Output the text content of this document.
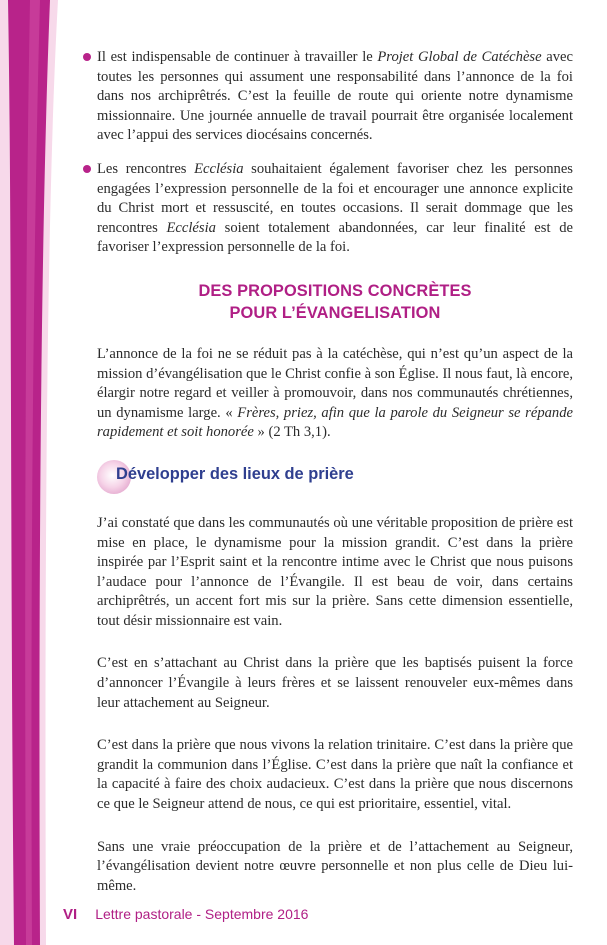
Il est indispensable de continuer à travailler le Projet Global de Catéchèse avec toutes les personnes qui assument une responsabilité dans l’annonce de la foi dans nos archiprêtrés. C’est la feuille de route qui oriente notre dynamisme missionnaire. Une journée annuelle de travail pourrait être organisée localement avec l’appui des services diocésains concernés.

Les rencontres Ecclésia souhaitaient également favoriser chez les personnes engagées l’expression personnelle de la foi et encourager une annonce explicite du Christ mort et ressuscité, en toutes occasions. Il serait dommage que les rencontres Ecclésia soient totalement abandonnées, car leur finalité est de favoriser l’expression personnelle de la foi.

DES PROPOSITIONS CONCRÈTES
POUR L’ÉVANGELISATION

L’annonce de la foi ne se réduit pas à la catéchèse, qui n’est qu’un aspect de la mission d’évangélisation que le Christ confie à son Église. Il nous faut, là encore, élargir notre regard et veiller à promouvoir, dans nos communautés chrétiennes, un dynamisme large. « Frères, priez, afin que la parole du Seigneur se répande rapidement et soit honorée » (2 Th 3,1).

Développer des lieux de prière

J’ai constaté que dans les communautés où une véritable proposition de prière est mise en place, le dynamisme pour la mission grandit. C’est dans la prière inspirée par l’Esprit saint et la rencontre intime avec le Christ que nous puisons l’audace pour l’annonce de l’Évangile. Il est beau de voir, dans certains archiprêtrés, un accent fort mis sur la prière. Sans cette dimension essentielle, tout désir missionnaire est vain.

C’est en s’attachant au Christ dans la prière que les baptisés puisent la force d’annoncer l’Évangile à leurs frères et se laissent renouveler eux-mêmes dans leur attachement au Seigneur.

C’est dans la prière que nous vivons la relation trinitaire. C’est dans la prière que grandit la communion dans l’Église. C’est dans la prière que naît la confiance et la capacité à faire des choix audacieux. C’est dans la prière que nous discernons ce que le Seigneur attend de nous, ce qui est prioritaire, essentiel, vital.

Sans une vraie préoccupation de la prière et de l’attachement au Seigneur, l’évangélisation devient notre œuvre personnelle et non plus celle de Dieu lui-même.

VI Lettre pastorale - Septembre 2016
